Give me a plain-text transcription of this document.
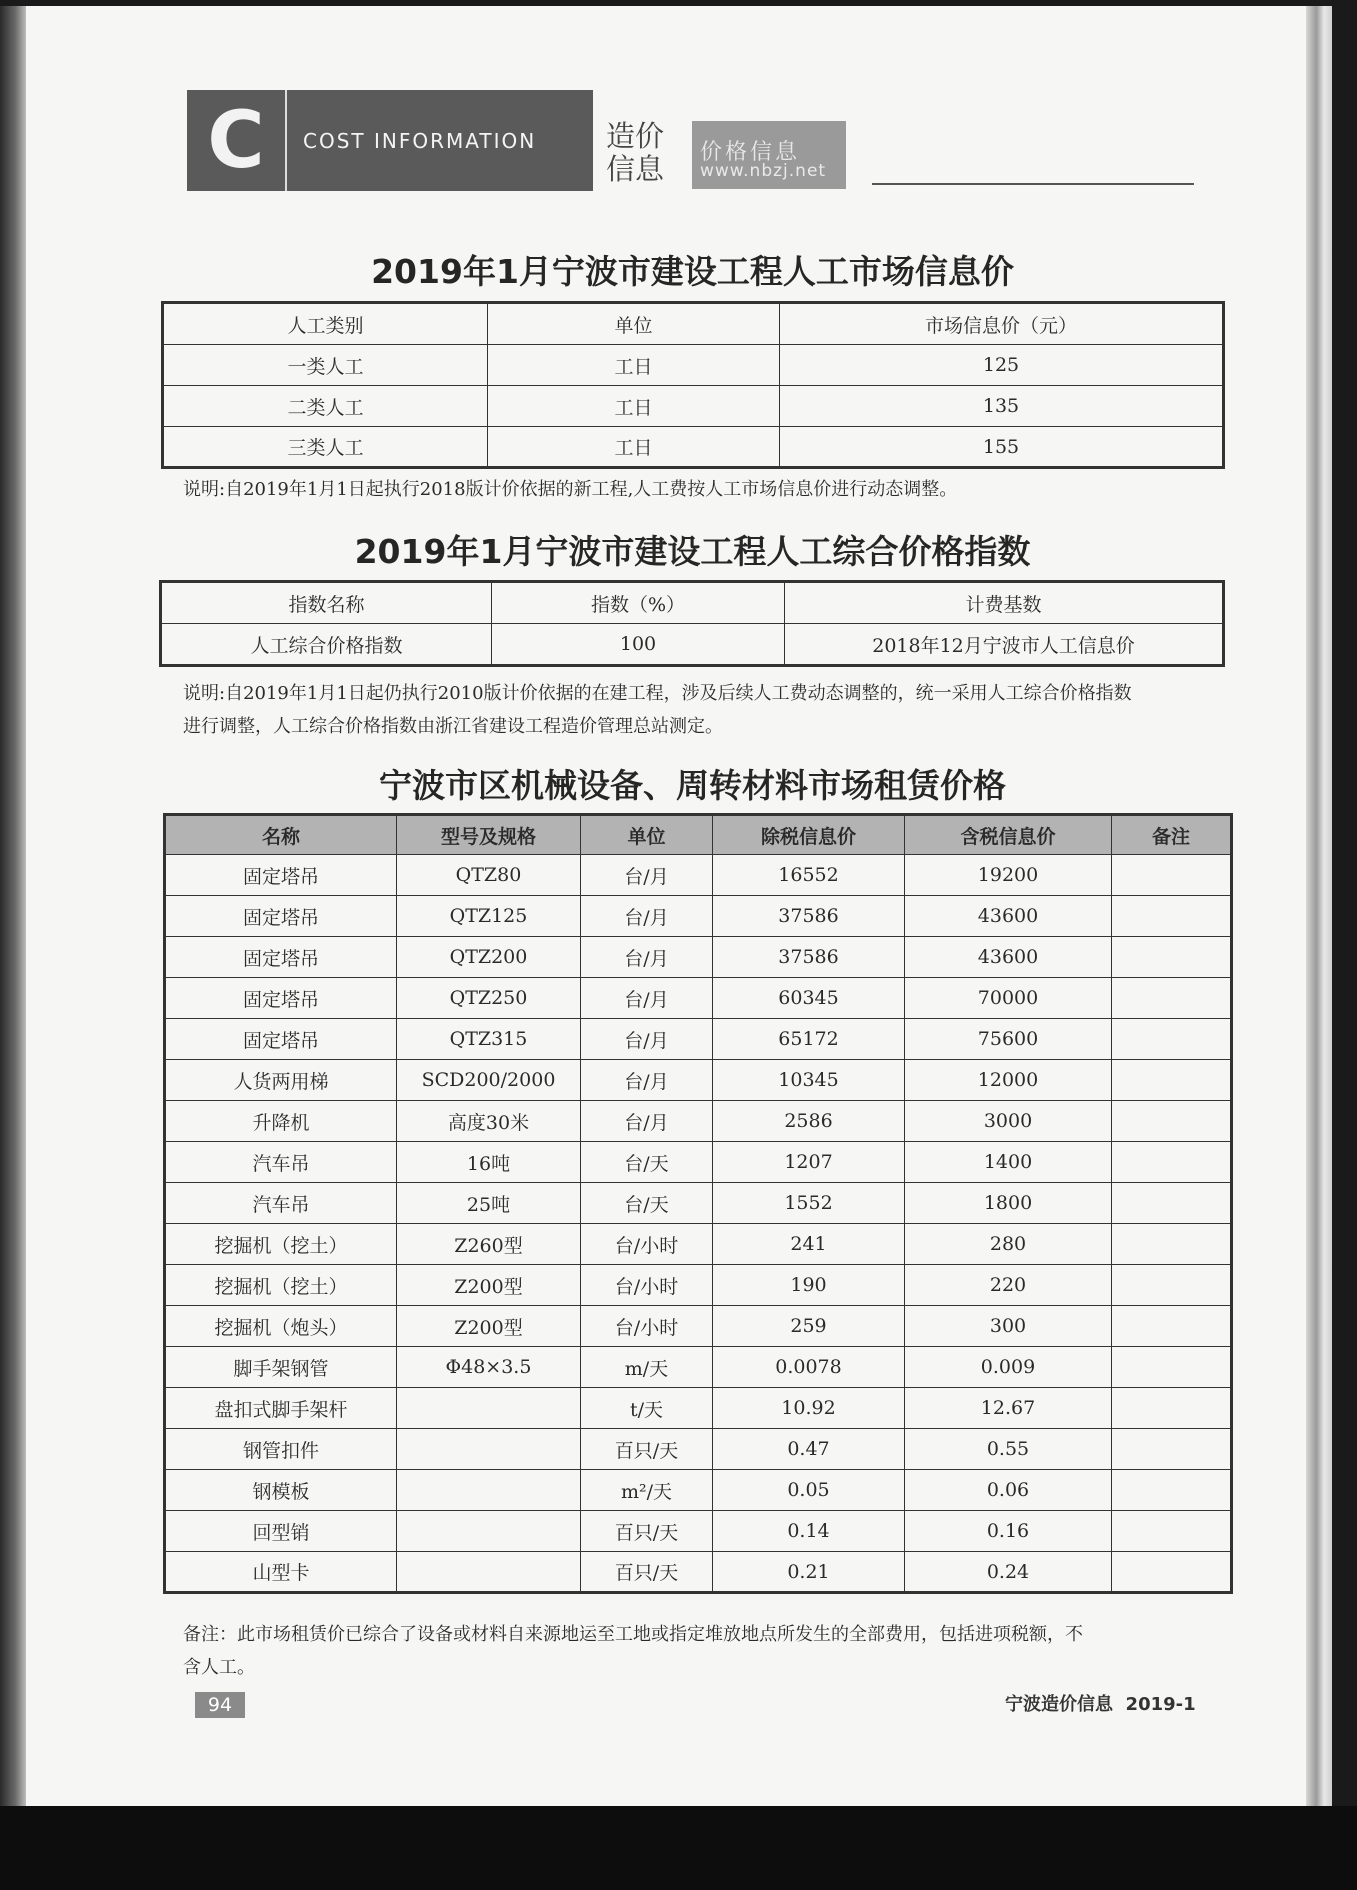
C	COST INFORMATION 造价
信息	价格信息
www.nbzj.net
2019年1月宁波市建设工程人工市场信息价
人工类别	单位	市场信息价（元）
一类人工	工日	125
二类人工	工日	135
三类人工	工日	155
说明:自2019年1月1日起执行2018版计价依据的新工程,人工费按人工市场信息价进行动态调整。
2019年1月宁波市建设工程人工综合价格指数
指数名称	指数（%）	计费基数
人工综合价格指数	100	2018年12月宁波市人工信息价
说明:自2019年1月1日起仍执行2010版计价依据的在建工程，涉及后续人工费动态调整的，统一采用人工综合价格指数
进行调整，人工综合价格指数由浙江省建设工程造价管理总站测定。
宁波市区机械设备、周转材料市场租赁价格
名称	型号及规格	单位	除税信息价	含税信息价	备注
固定塔吊	QTZ80	台/月	16552	19200	
固定塔吊	QTZ125	台/月	37586	43600	
固定塔吊	QTZ200	台/月	37586	43600	
固定塔吊	QTZ250	台/月	60345	70000	
固定塔吊	QTZ315	台/月	65172	75600	
人货两用梯	SCD200/2000	台/月	10345	12000	
升降机	高度30米	台/月	2586	3000	
汽车吊	16吨	台/天	1207	1400	
汽车吊	25吨	台/天	1552	1800	
挖掘机（挖土）	Z260型	台/小时	241	280	
挖掘机（挖土）	Z200型	台/小时	190	220	
挖掘机（炮头）	Z200型	台/小时	259	300	
脚手架钢管	Φ48×3.5	m/天	0.0078	0.009	
盘扣式脚手架杆		t/天	10.92	12.67	
钢管扣件		百只/天	0.47	0.55	
钢模板		m²/天	0.05	0.06	
回型销		百只/天	0.14	0.16	
山型卡		百只/天	0.21	0.24	
备注：此市场租赁价已综合了设备或材料自来源地运至工地或指定堆放地点所发生的全部费用，包括进项税额，不
含人工。
94	宁波造价信息 2019-1
